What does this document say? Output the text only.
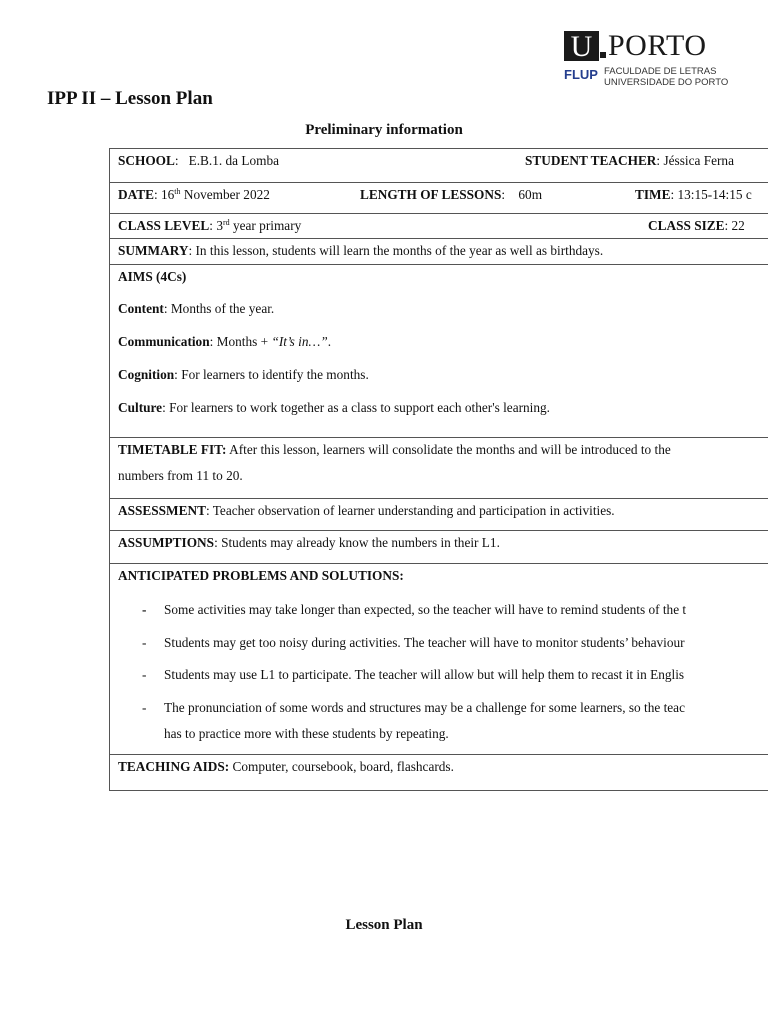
U PORTO
FLUP FACULDADE DE LETRAS
UNIVERSIDADE DO PORTO
IPP II – Lesson Plan
Preliminary information
SCHOOL:   E.B.1. da Lomba	STUDENT TEACHER: Jéssica Ferna
DATE: 16th November 2022	LENGTH OF LESSONS:    60m	TIME: 13:15-14:15 c
CLASS LEVEL: 3rd year primary	CLASS SIZE: 22
SUMMARY: In this lesson, students will learn the months of the year as well as birthdays.
AIMS (4Cs)
Content: Months of the year.
Communication: Months + “It’s in…”.
Cognition: For learners to identify the months.
Culture: For learners to work together as a class to support each other's learning.
TIMETABLE FIT: After this lesson, learners will consolidate the months and will be introduced to the
numbers from 11 to 20.
ASSESSMENT: Teacher observation of learner understanding and participation in activities.
ASSUMPTIONS: Students may already know the numbers in their L1.
ANTICIPATED PROBLEMS AND SOLUTIONS:
- Some activities may take longer than expected, so the teacher will have to remind students of the t
- Students may get too noisy during activities. The teacher will have to monitor students’ behaviour
- Students may use L1 to participate. The teacher will allow but will help them to recast it in Englis
- The pronunciation of some words and structures may be a challenge for some learners, so the teac
has to practice more with these students by repeating.
TEACHING AIDS: Computer, coursebook, board, flashcards.
Lesson Plan
